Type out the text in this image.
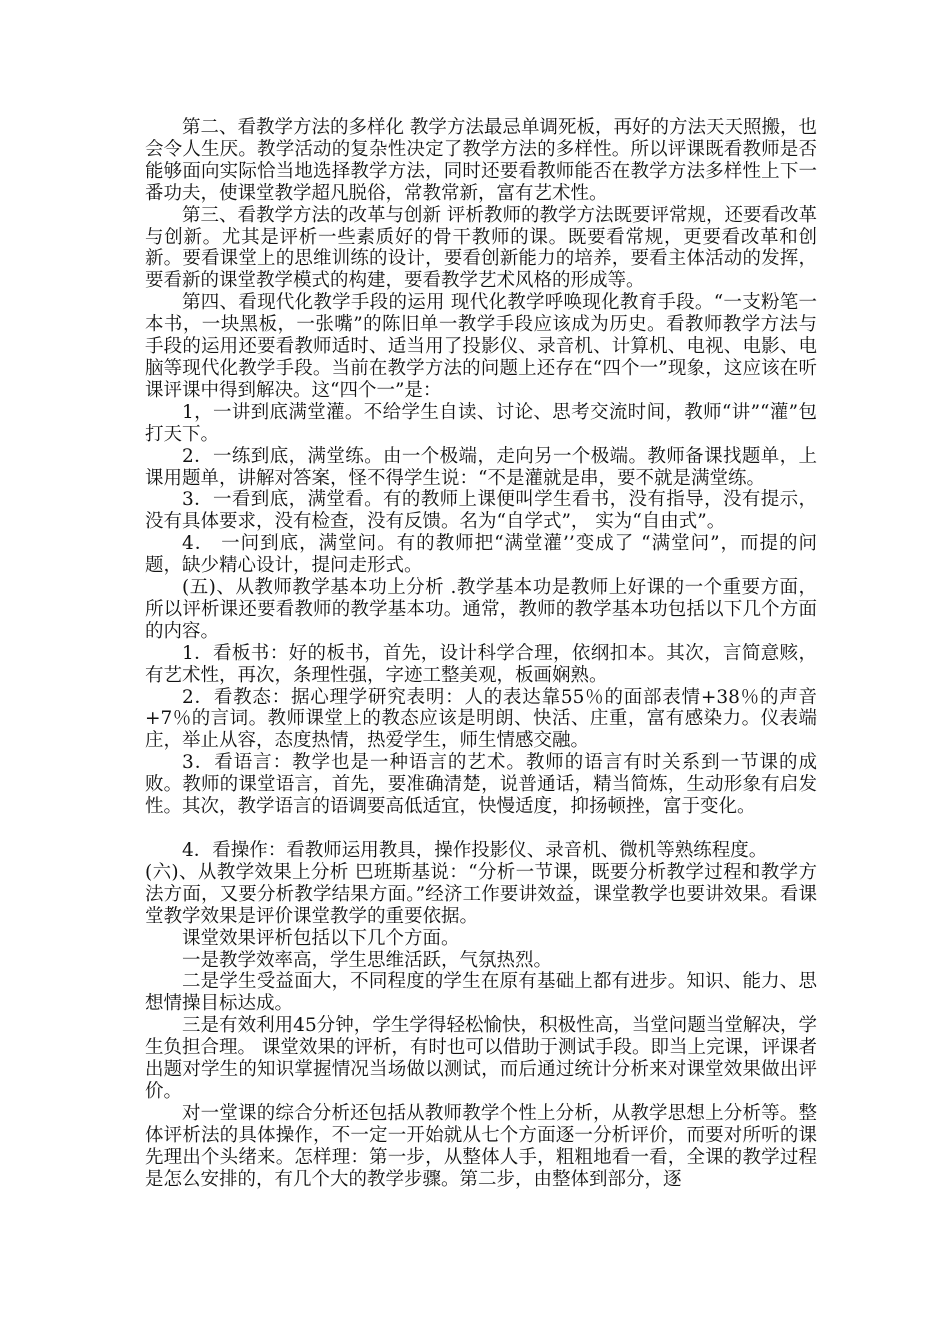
第二、看教学方法的多样化 教学方法最忌单调死板，再好的方法天天照搬，也会令人生厌。教学活动的复杂性决定了教学方法的多样性。所以评课既看教师是否能够面向实际恰当地选择教学方法，同时还要看教师能否在教学方法多样性上下一番功夫，使课堂教学超凡脱俗，常教常新，富有艺术性。

第三、看教学方法的改革与创新 评析教师的教学方法既要评常规，还要看改革与创新。尤其是评析一些素质好的骨干教师的课。既要看常规，更要看改革和创新。要看课堂上的思维训练的设计，要看创新能力的培养，要看主体活动的发挥，要看新的课堂教学模式的构建，要看教学艺术风格的形成等。

第四、看现代化教学手段的运用 现代化教学呼唤现化教育手段。“一支粉笔一本书，一块黑板，一张嘴”的陈旧单一教学手段应该成为历史。看教师教学方法与手段的运用还要看教师适时、适当用了投影仪、录音机、计算机、电视、电影、电脑等现代化教学手段。当前在教学方法的问题上还存在“四个一”现象，这应该在听课评课中得到解决。这“四个一”是：

1，一讲到底满堂灌。不给学生自读、讨论、思考交流时间，教师“讲”“灌”包打天下。

2．一练到底，满堂练。由一个极端，走向另一个极端。教师备课找题单，上课用题单，讲解对答案，怪不得学生说：“不是灌就是串，要不就是满堂练。

3．一看到底，满堂看。有的教师上课便叫学生看书，没有指导，没有提示，没有具体要求，没有检查，没有反馈。名为“自学式”， 实为“自由式”。

4． 一问到底，满堂问。有的教师把“满堂灌’’变成了 “满堂问”，而提的问题，缺少精心设计，提问走形式。

(五)、从教师教学基本功上分析 .教学基本功是教师上好课的一个重要方面，所以评析课还要看教师的教学基本功。通常，教师的教学基本功包括以下几个方面的内容。

1．看板书：好的板书，首先，设计科学合理，依纲扣本。其次，言简意赅，有艺术性，再次，条理性强，字迹工整美观，板画娴熟。

2．看教态：据心理学研究表明：人的表达靠55％的面部表情+38％的声音+7％的言词。教师课堂上的教态应该是明朗、快活、庄重，富有感染力。仪表端庄，举止从容，态度热情，热爱学生，师生情感交融。

3．看语言：教学也是一种语言的艺术。教师的语言有时关系到一节课的成败。教师的课堂语言，首先，要准确清楚，说普通话，精当简炼，生动形象有启发性。其次，教学语言的语调要高低适宜，快慢适度，抑扬顿挫，富于变化。

4．看操作：看教师运用教具，操作投影仪、录音机、微机等熟练程度。

(六)、从教学效果上分析 巴班斯基说：“分析一节课，既要分析教学过程和教学方法方面，又要分析教学结果方面。”经济工作要讲效益，课堂教学也要讲效果。看课堂教学效果是评价课堂教学的重要依据。

课堂效果评析包括以下几个方面。

一是教学效率高，学生思维活跃，气氛热烈。

二是学生受益面大，不同程度的学生在原有基础上都有进步。知识、能力、思想情操目标达成。

三是有效利用45分钟，学生学得轻松愉快，积极性高，当堂问题当堂解决，学生负担合理。 课堂效果的评析，有时也可以借助于测试手段。即当上完课，评课者出题对学生的知识掌握情况当场做以测试，而后通过统计分析来对课堂效果做出评价。

对一堂课的综合分析还包括从教师教学个性上分析，从教学思想上分析等。整体评析法的具体操作，不一定一开始就从七个方面逐一分析评价，而要对所听的课先理出个头绪来。怎样理：第一步，从整体人手，粗粗地看一看，全课的教学过程是怎么安排的，有几个大的教学步骤。第二步，由整体到部分，逐
